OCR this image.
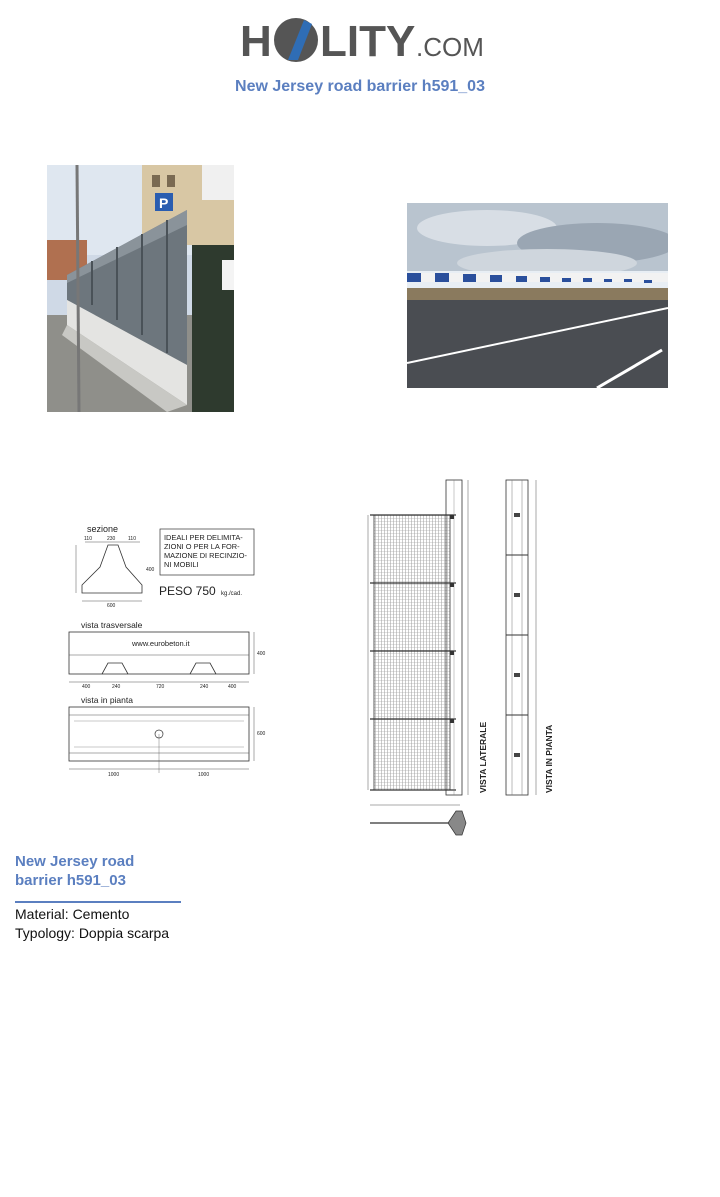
H LITY .COM
New Jersey road barrier h591_03
P
sezione
600
110	230	110
400
IDEALI PER DELIMITA-
ZIONI O PER LA FOR-
MAZIONE DI RECINZIO-
NI MOBILI
PESO 750 kg./cad.
vista trasversale
www.eurobeton.it
400	240	720	240	400
400
vista in pianta
1000	1000
600	VISTA LATERALE	VISTA IN PIANTA
New Jersey road
barrier h591_03
Material: Cemento
Typology: Doppia scarpa
